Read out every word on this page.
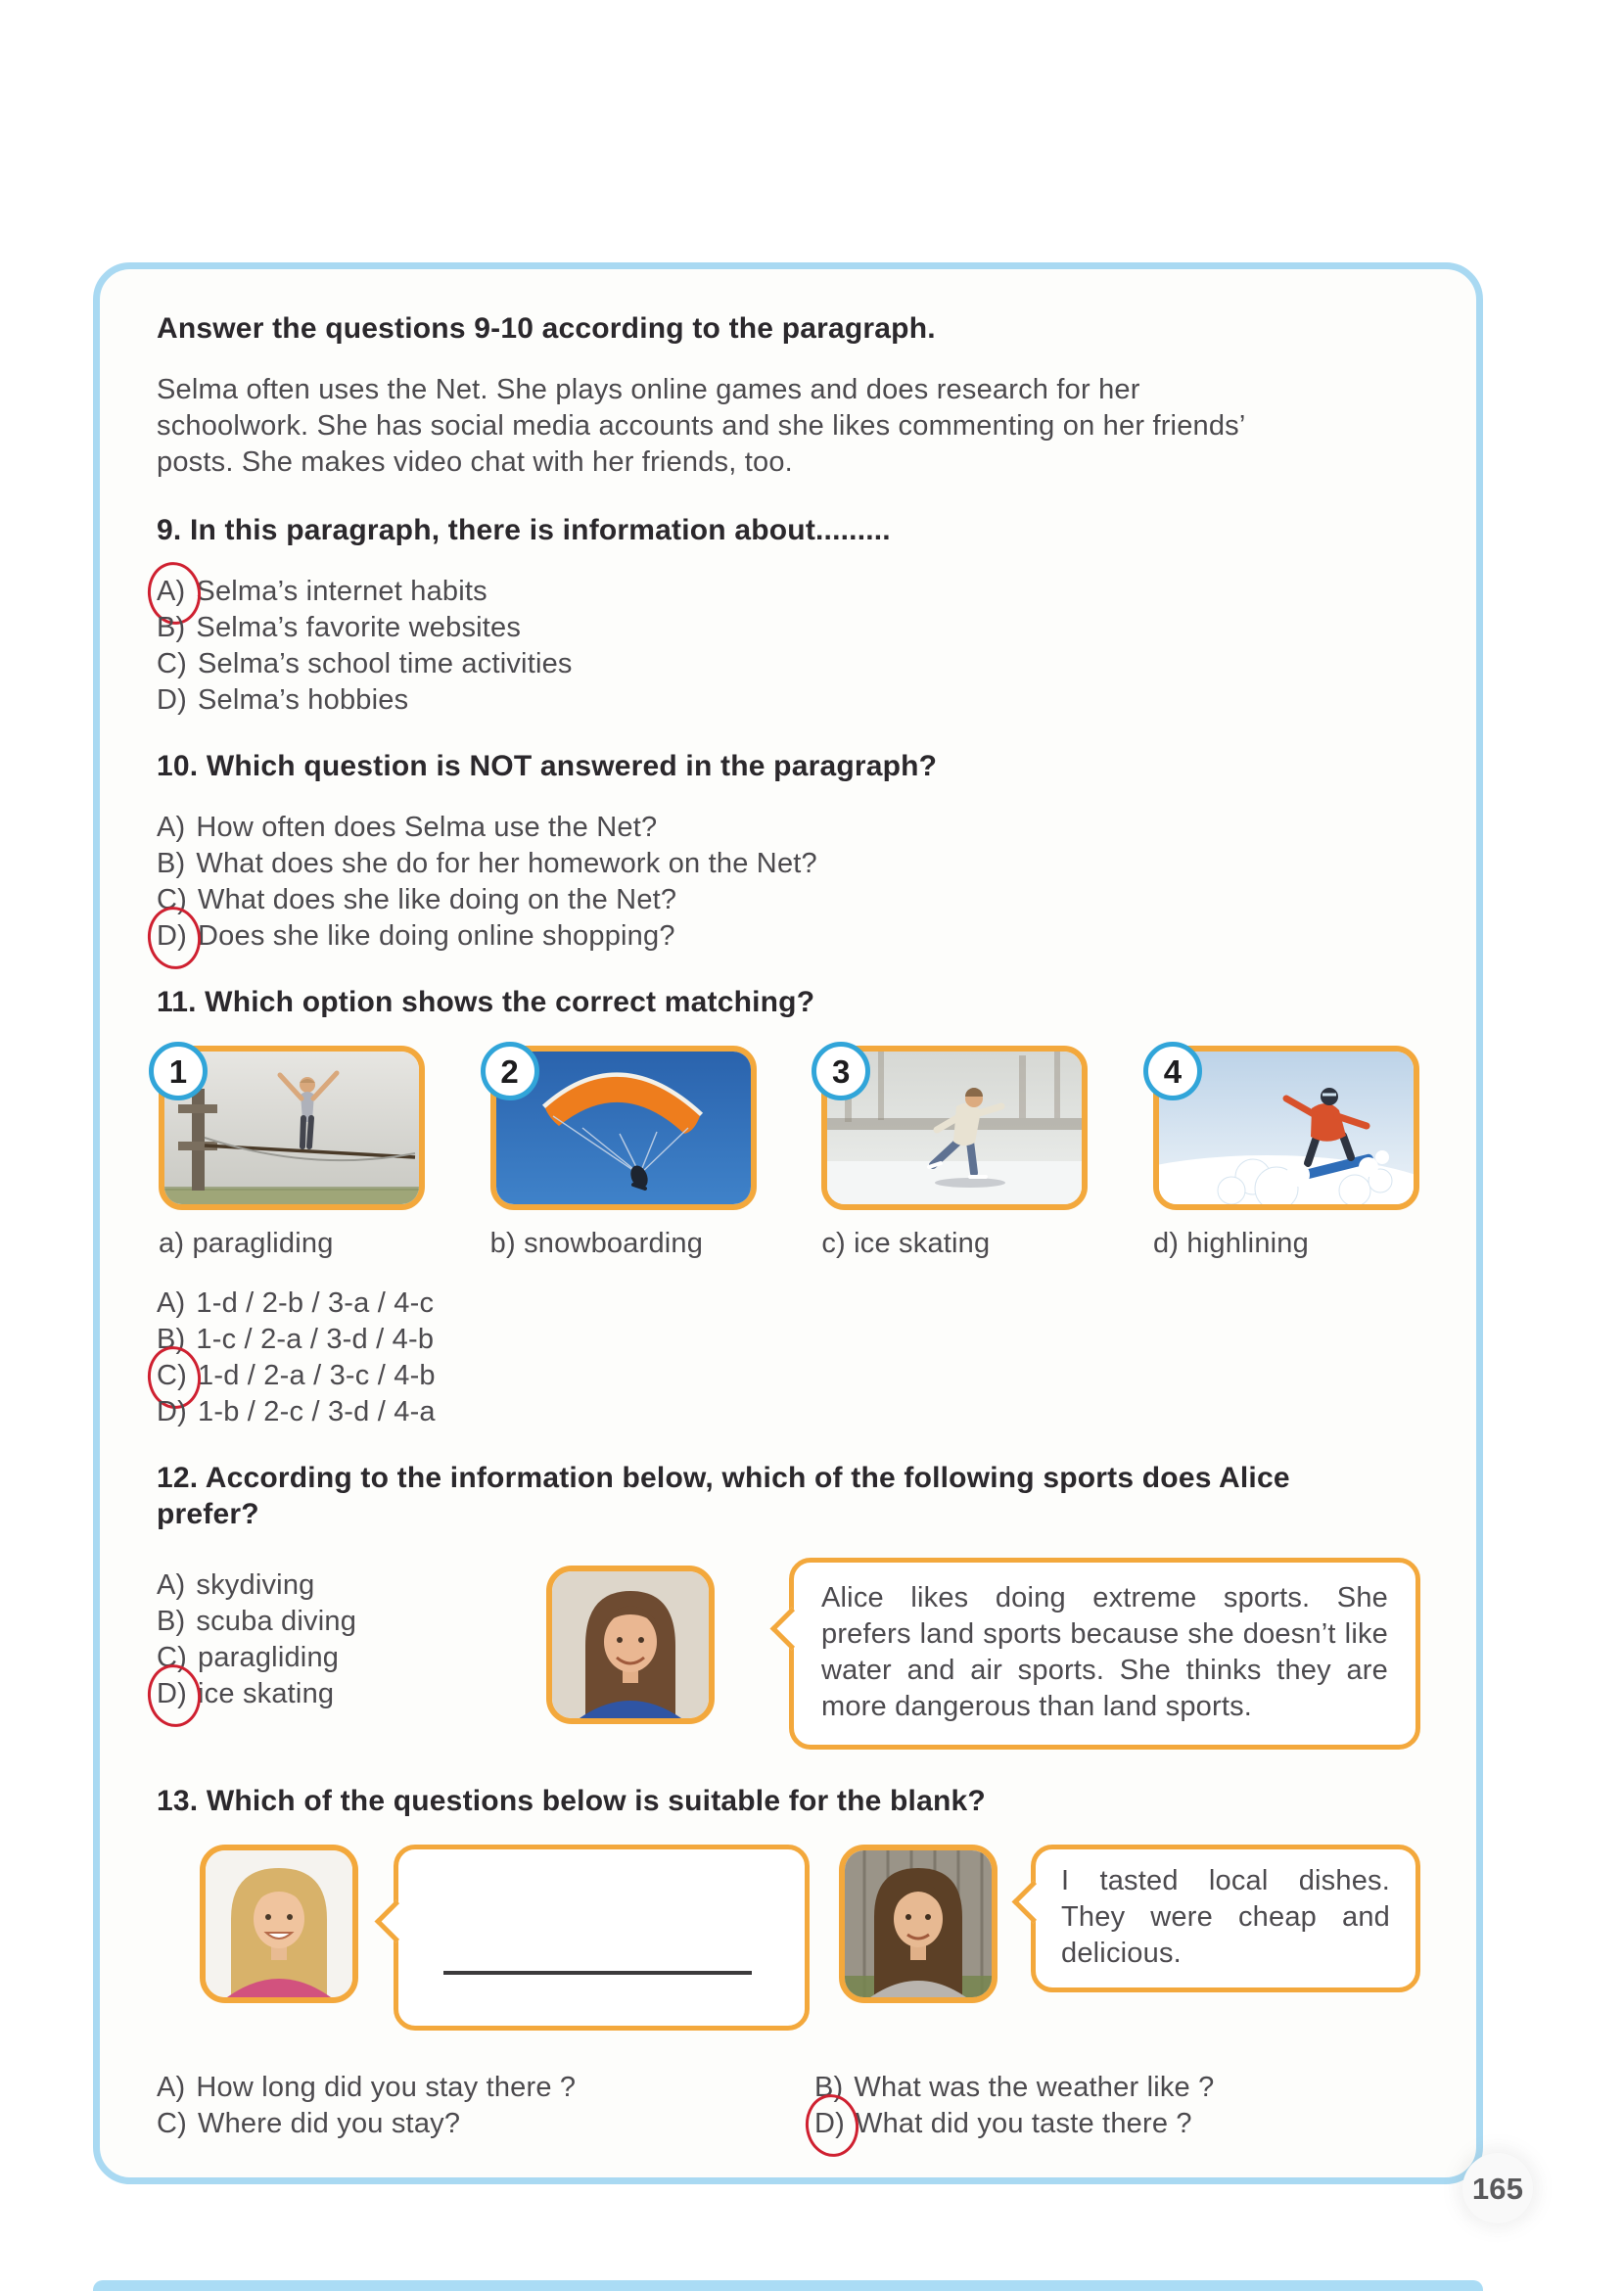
Answer the questions 9-10 according to the paragraph.

Selma often uses the Net. She plays online games and does research for her schoolwork. She has social media accounts and she likes commenting on her friends’ posts. She makes video chat with her friends, too.

9. In this paragraph, there is information about.........

A) Selma’s internet habits
B) Selma’s favorite websites
C) Selma’s school time activities
D) Selma’s hobbies

10. Which question is NOT answered in the paragraph?

A) How often does Selma use the Net?
B) What does she do for her homework on the Net?
C) What does she like doing on the Net?
D) Does she like doing online shopping?

11. Which option shows the correct matching?

1	2	3	4
a) paragliding	b) snowboarding	c) ice skating	d) highlining
A) 1-d / 2-b / 3-a / 4-c
B) 1-c / 2-a / 3-d / 4-b
C) 1-d / 2-a / 3-c / 4-b
D) 1-b / 2-c / 3-d / 4-a

12. According to the information below, which of the following sports does Alice prefer?

A) skydiving
B) scuba diving
C) paragliding
D) ice skating

Alice likes doing extreme sports. She prefers land sports because she doesn’t like water and air sports. She thinks they are more dangerous than land sports.

13. Which of the questions below is suitable for the blank?

I tasted local dishes. They were cheap and delicious.

A) How long did you stay there ?	B) What was the weather like ?
C) Where did you stay?	D) What did you taste there ?
165
